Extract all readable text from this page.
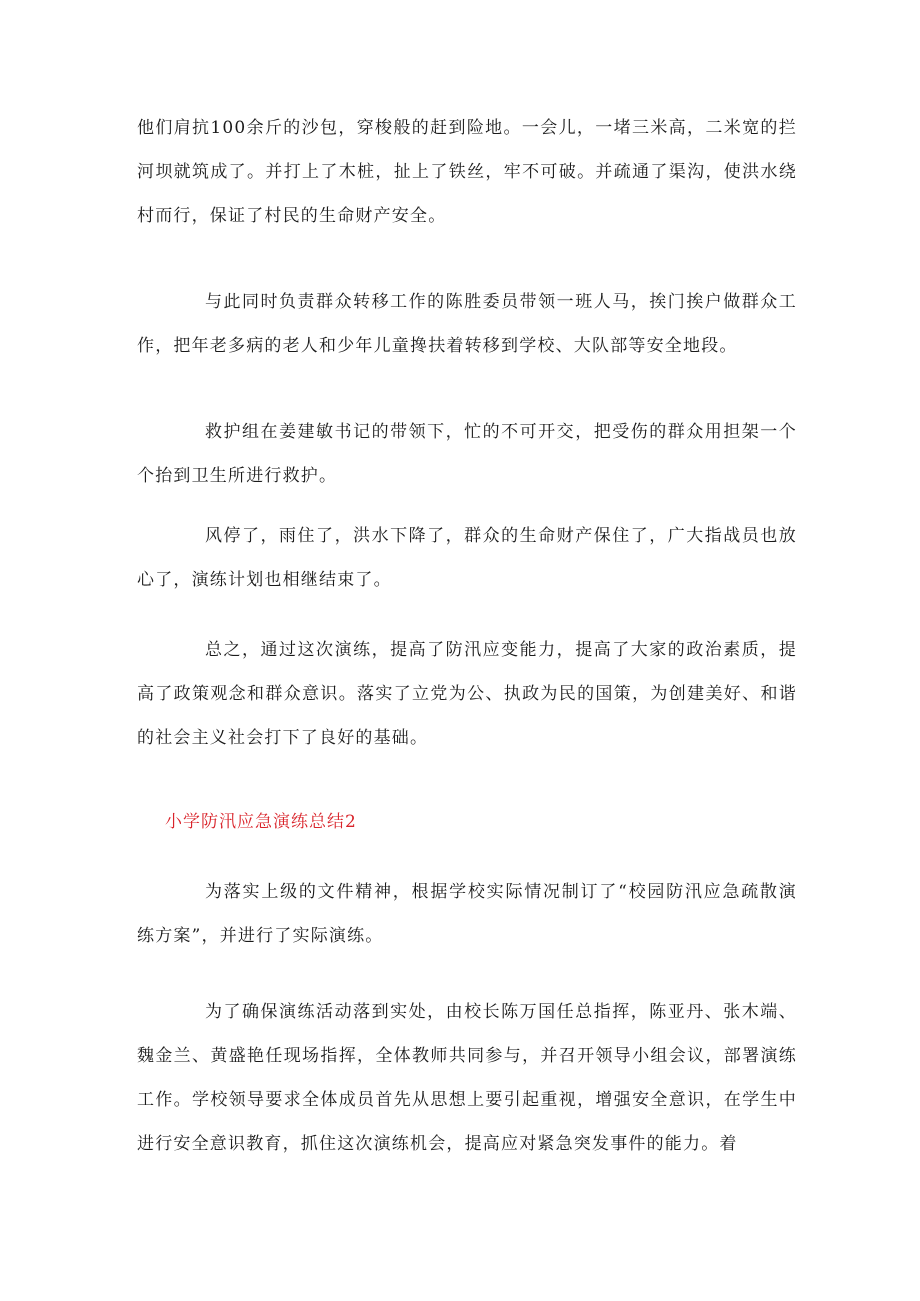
他们肩抗100余斤的沙包，穿梭般的赶到险地。一会儿，一堵三米高，二米宽的拦河坝就筑成了。并打上了木桩，扯上了铁丝，牢不可破。并疏通了渠沟，使洪水绕村而行，保证了村民的生命财产安全。

与此同时负责群众转移工作的陈胜委员带领一班人马，挨门挨户做群众工作，把年老多病的老人和少年儿童搀扶着转移到学校、大队部等安全地段。

救护组在姜建敏书记的带领下，忙的不可开交，把受伤的群众用担架一个个抬到卫生所进行救护。

风停了，雨住了，洪水下降了，群众的生命财产保住了，广大指战员也放心了，演练计划也相继结束了。

总之，通过这次演练，提高了防汛应变能力，提高了大家的政治素质，提高了政策观念和群众意识。落实了立党为公、执政为民的国策，为创建美好、和谐的社会主义社会打下了良好的基础。

小学防汛应急演练总结2

为落实上级的文件精神，根据学校实际情况制订了“校园防汛应急疏散演练方案”，并进行了实际演练。

为了确保演练活动落到实处，由校长陈万国任总指挥，陈亚丹、张木端、魏金兰、黄盛艳任现场指挥，全体教师共同参与，并召开领导小组会议，部署演练工作。学校领导要求全体成员首先从思想上要引起重视，增强安全意识，在学生中进行安全意识教育，抓住这次演练机会，提高应对紧急突发事件的能力。着
